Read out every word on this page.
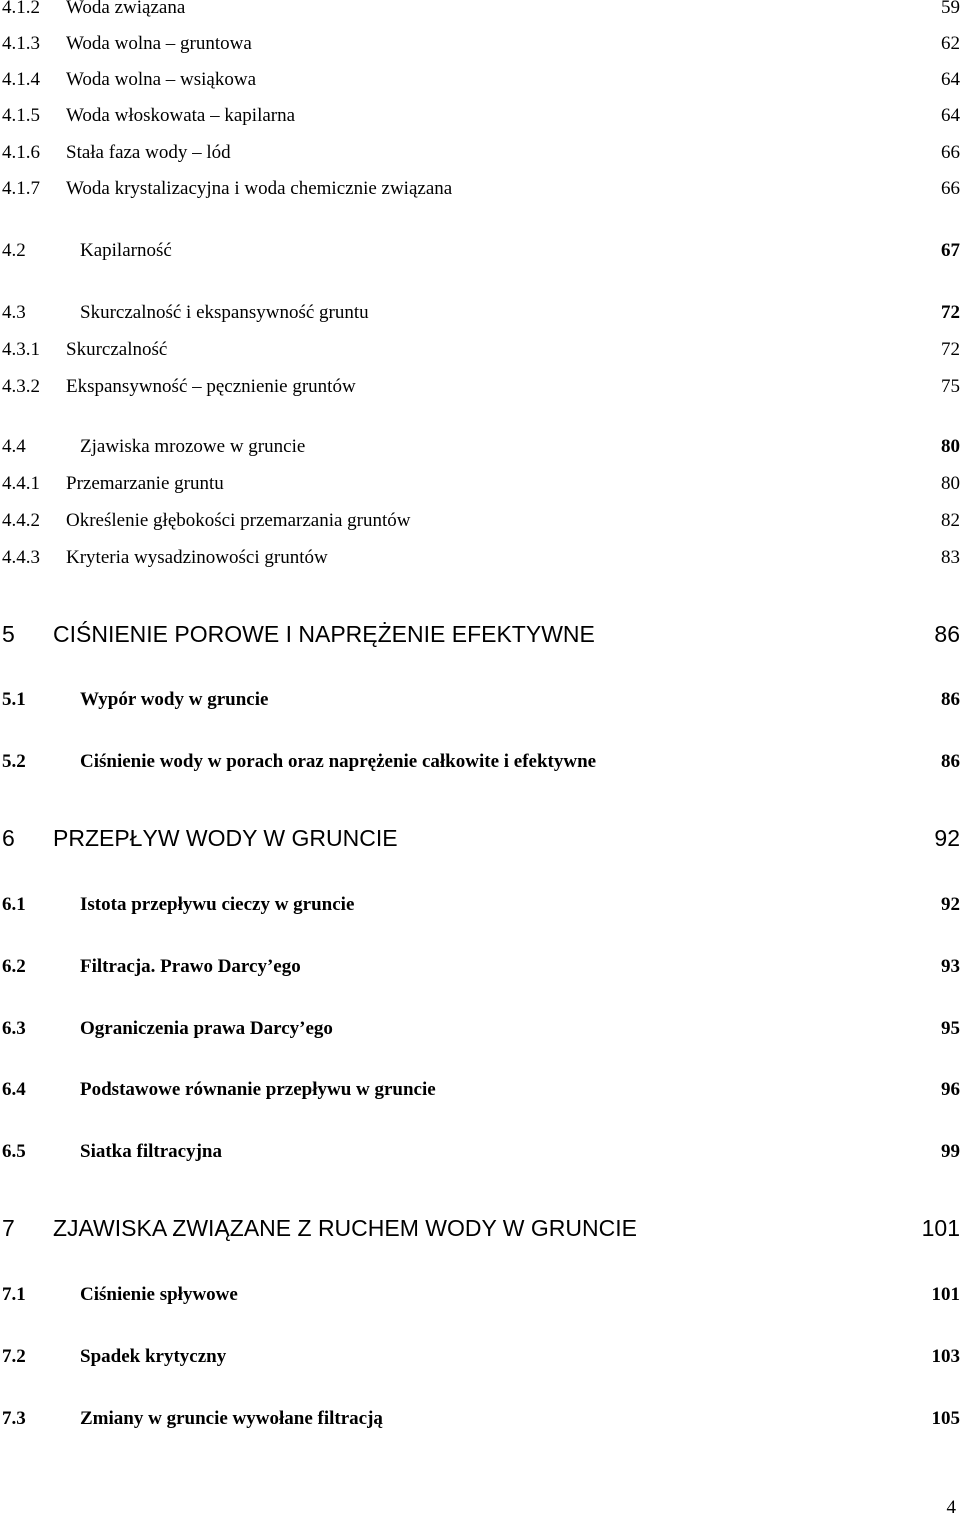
4.1.2	Woda związana	59
4.1.3	Woda wolna – gruntowa	62
4.1.4	Woda wolna – wsiąkowa	64
4.1.5	Woda włoskowata – kapilarna	64
4.1.6	Stała faza wody – lód	66
4.1.7	Woda krystalizacyjna i woda chemicznie związana	66
4.2	Kapilarność	67
4.3	Skurczalność i ekspansywność gruntu	72
4.3.1	Skurczalność	72
4.3.2	Ekspansywność – pęcznienie gruntów	75
4.4	Zjawiska mrozowe w gruncie	80
4.4.1	Przemarzanie gruntu	80
4.4.2	Określenie głębokości przemarzania gruntów	82
4.4.3	Kryteria wysadzinowości gruntów	83
5	CIŚNIENIE POROWE I NAPRĘŻENIE EFEKTYWNE	86
5.1	Wypór wody w gruncie	86
5.2	Ciśnienie wody w porach oraz naprężenie całkowite i efektywne	86
6	PRZEPŁYW WODY W GRUNCIE	92
6.1	Istota przepływu cieczy w gruncie	92
6.2	Filtracja. Prawo Darcy’ego	93
6.3	Ograniczenia prawa Darcy’ego	95
6.4	Podstawowe równanie przepływu w gruncie	96
6.5	Siatka filtracyjna	99
7	ZJAWISKA ZWIĄZANE Z RUCHEM WODY W GRUNCIE	101
7.1	Ciśnienie spływowe	101
7.2	Spadek krytyczny	103
7.3	Zmiany w gruncie wywołane filtracją	105
4
